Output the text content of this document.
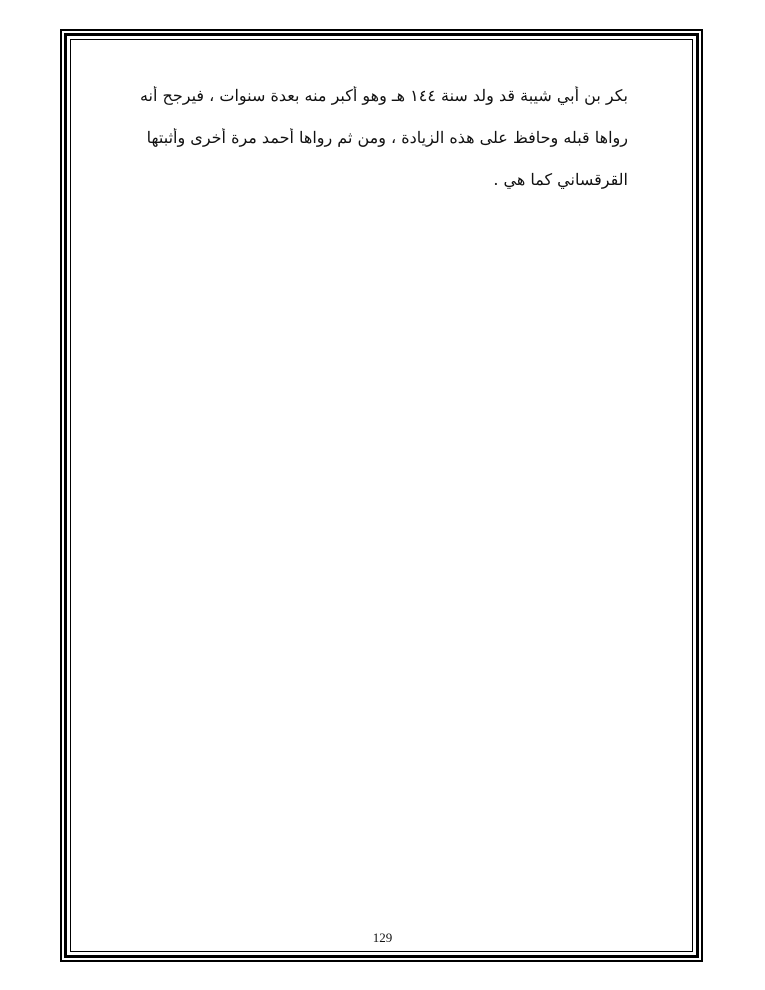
بكر بن أبي شيبة قد ولد سنة ١٤٤ هـ وهو أكبر منه بعدة سنوات ، فيرجح أنه
رواها قبله وحافظ على هذه الزيادة ، ومن ثم رواها أحمد مرة أخرى وأثبتها
القرقساني كما هي .
129
